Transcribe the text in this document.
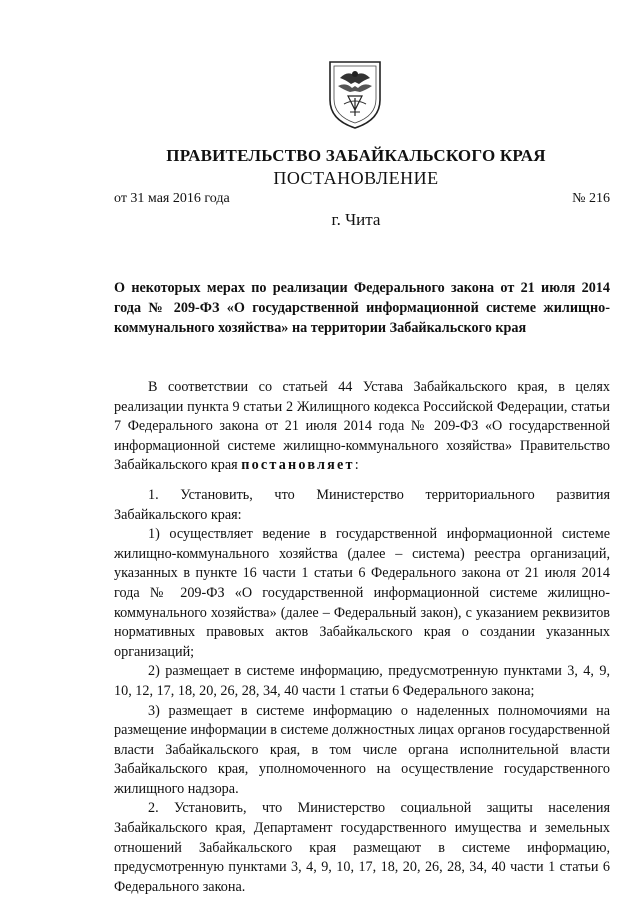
ПРАВИТЕЛЬСТВО ЗАБАЙКАЛЬСКОГО КРАЯ
ПОСТАНОВЛЕНИЕ
от 31 мая 2016 года	№ 216
г. Чита
О некоторых мерах по реализации Федерального закона от 21 июля 2014 года № 209-ФЗ «О государственной информационной системе жилищно-коммунального хозяйства» на территории Забайкальского края

В соответствии со статьей 44 Устава Забайкальского края, в целях реализации пункта 9 статьи 2 Жилищного кодекса Российской Федерации, статьи 7 Федерального закона от 21 июля 2014 года № 209-ФЗ «О государственной информационной системе жилищно-коммунального хозяйства» Правительство Забайкальского края постановляет:

1. Установить, что Министерство территориального развития Забайкальского края:

1) осуществляет ведение в государственной информационной системе жилищно-коммунального хозяйства (далее – система) реестра организаций, указанных в пункте 16 части 1 статьи 6 Федерального закона от 21 июля 2014 года № 209-ФЗ «О государственной информационной системе жилищно-коммунального хозяйства» (далее – Федеральный закон), с указанием реквизитов нормативных правовых актов Забайкальского края о создании указанных организаций;

2) размещает в системе информацию, предусмотренную пунктами 3, 4, 9, 10, 12, 17, 18, 20, 26, 28, 34, 40 части 1 статьи 6 Федерального закона;

3) размещает в системе информацию о наделенных полномочиями на размещение информации в системе должностных лицах органов государственной власти Забайкальского края, в том числе органа исполнительной власти Забайкальского края, уполномоченного на осуществление государственного жилищного надзора.

2. Установить, что Министерство социальной защиты населения Забайкальского края, Департамент государственного имущества и земельных отношений Забайкальского края размещают в системе информацию, предусмотренную пунктами 3, 4, 9, 10, 17, 18, 20, 26, 28, 34, 40 части 1 статьи 6 Федерального закона.
